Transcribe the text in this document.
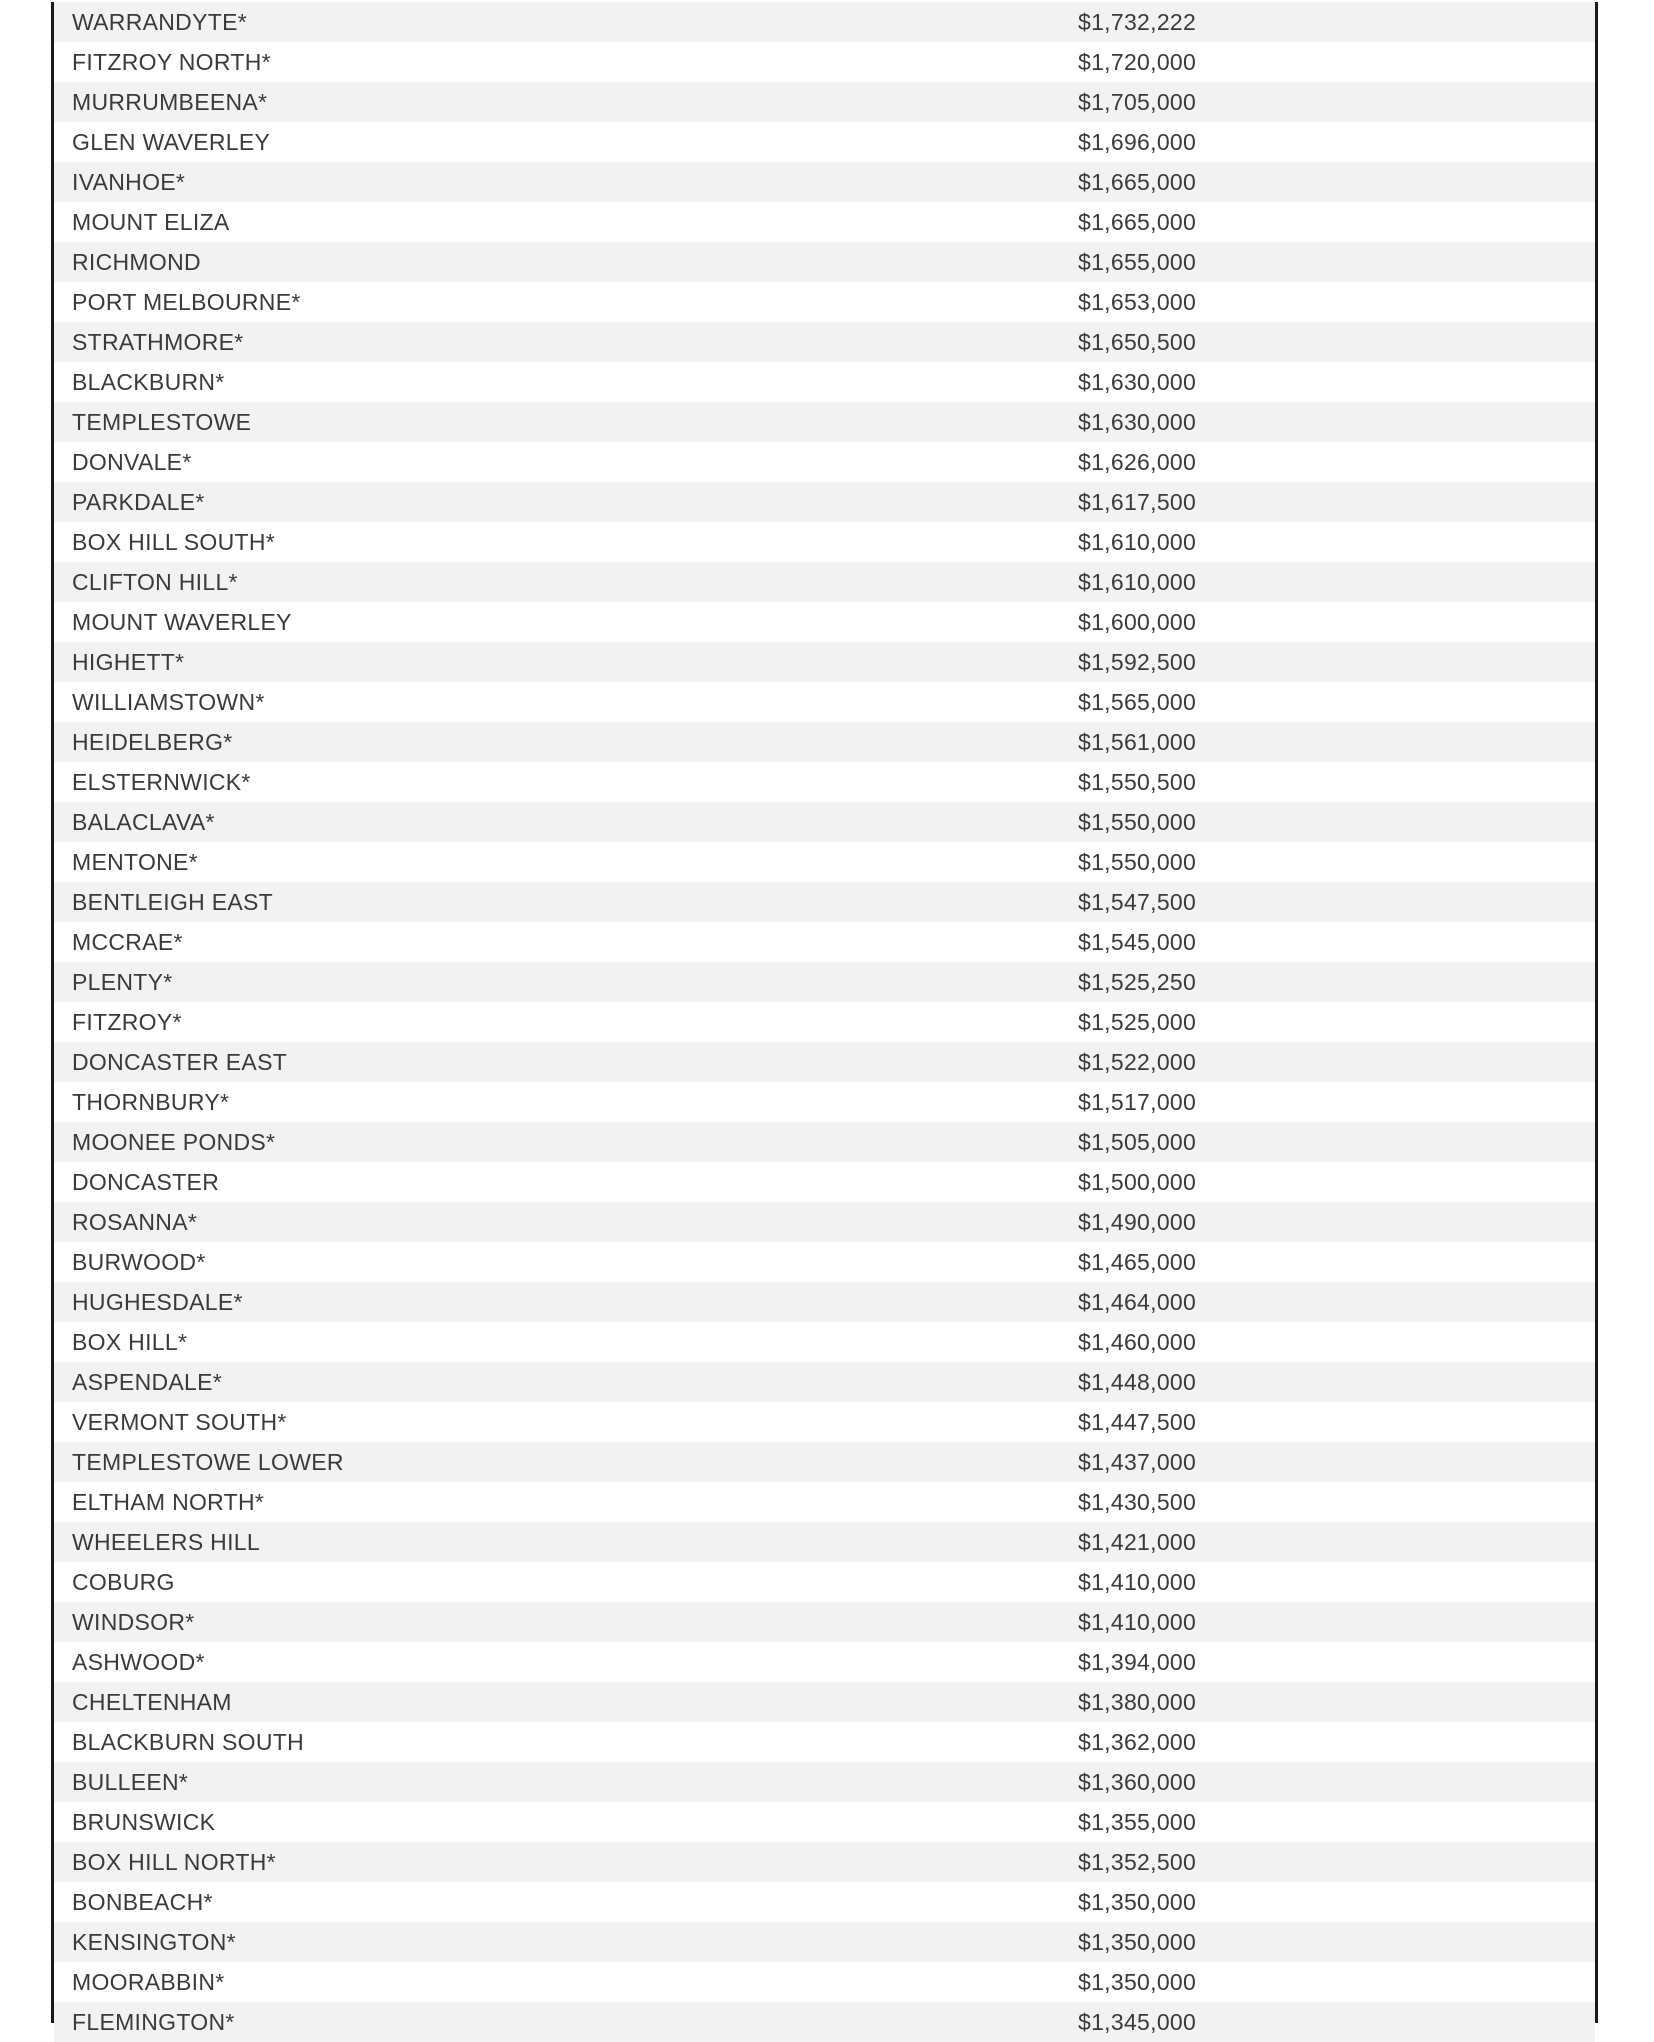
WARRANDYTE*	$1,732,222
FITZROY NORTH*	$1,720,000
MURRUMBEENA*	$1,705,000
GLEN WAVERLEY	$1,696,000
IVANHOE*	$1,665,000
MOUNT ELIZA	$1,665,000
RICHMOND	$1,655,000
PORT MELBOURNE*	$1,653,000
STRATHMORE*	$1,650,500
BLACKBURN*	$1,630,000
TEMPLESTOWE	$1,630,000
DONVALE*	$1,626,000
PARKDALE*	$1,617,500
BOX HILL SOUTH*	$1,610,000
CLIFTON HILL*	$1,610,000
MOUNT WAVERLEY	$1,600,000
HIGHETT*	$1,592,500
WILLIAMSTOWN*	$1,565,000
HEIDELBERG*	$1,561,000
ELSTERNWICK*	$1,550,500
BALACLAVA*	$1,550,000
MENTONE*	$1,550,000
BENTLEIGH EAST	$1,547,500
MCCRAE*	$1,545,000
PLENTY*	$1,525,250
FITZROY*	$1,525,000
DONCASTER EAST	$1,522,000
THORNBURY*	$1,517,000
MOONEE PONDS*	$1,505,000
DONCASTER	$1,500,000
ROSANNA*	$1,490,000
BURWOOD*	$1,465,000
HUGHESDALE*	$1,464,000
BOX HILL*	$1,460,000
ASPENDALE*	$1,448,000
VERMONT SOUTH*	$1,447,500
TEMPLESTOWE LOWER	$1,437,000
ELTHAM NORTH*	$1,430,500
WHEELERS HILL	$1,421,000
COBURG	$1,410,000
WINDSOR*	$1,410,000
ASHWOOD*	$1,394,000
CHELTENHAM	$1,380,000
BLACKBURN SOUTH	$1,362,000
BULLEEN*	$1,360,000
BRUNSWICK	$1,355,000
BOX HILL NORTH*	$1,352,500
BONBEACH*	$1,350,000
KENSINGTON*	$1,350,000
MOORABBIN*	$1,350,000
FLEMINGTON*	$1,345,000
